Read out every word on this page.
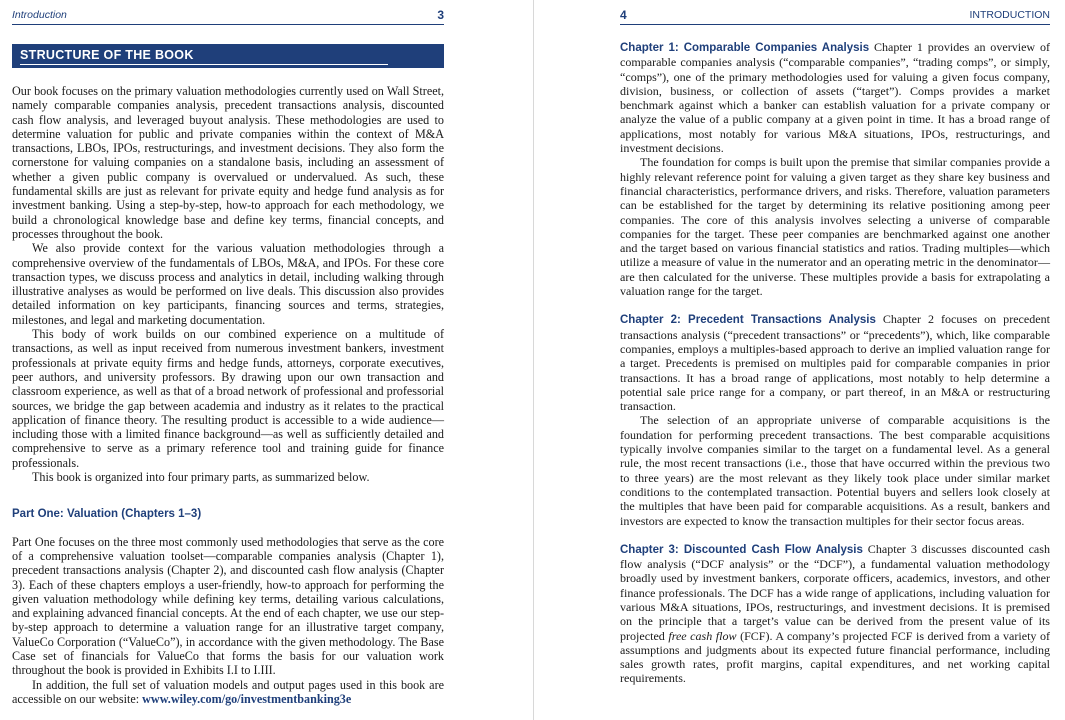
Introduction	3
STRUCTURE OF THE BOOK

Our book focuses on the primary valuation methodologies currently used on Wall Street, namely comparable companies analysis, precedent transactions analysis, discounted cash flow analysis, and leveraged buyout analysis. These methodologies are used to determine valuation for public and private companies within the context of M&A transactions, LBOs, IPOs, restructurings, and investment decisions. They also form the cornerstone for valuing companies on a standalone basis, including an assessment of whether a given public company is overvalued or undervalued. As such, these fundamental skills are just as relevant for private equity and hedge fund analysis as for investment banking. Using a step-by-step, how-to approach for each methodology, we build a chronological knowledge base and define key terms, financial concepts, and processes throughout the book.

We also provide context for the various valuation methodologies through a comprehensive overview of the fundamentals of LBOs, M&A, and IPOs. For these core transaction types, we discuss process and analytics in detail, including walking through illustrative analyses as would be performed on live deals. This discussion also provides detailed information on key participants, financing sources and terms, strategies, milestones, and legal and marketing documentation.

This body of work builds on our combined experience on a multitude of transactions, as well as input received from numerous investment bankers, investment professionals at private equity firms and hedge funds, attorneys, corporate executives, peer authors, and university professors. By drawing upon our own transaction and classroom experience, as well as that of a broad network of professional and professorial sources, we bridge the gap between academia and industry as it relates to the practical application of finance theory. The resulting product is accessible to a wide audience—including those with a limited finance background—as well as sufficiently detailed and comprehensive to serve as a primary reference tool and training guide for finance professionals.

This book is organized into four primary parts, as summarized below.

Part One: Valuation (Chapters 1–3)

Part One focuses on the three most commonly used methodologies that serve as the core of a comprehensive valuation toolset—comparable companies analysis (Chapter 1), precedent transactions analysis (Chapter 2), and discounted cash flow analysis (Chapter 3). Each of these chapters employs a user-friendly, how-to approach for performing the given valuation methodology while defining key terms, detailing various calculations, and explaining advanced financial concepts. At the end of each chapter, we use our step-by-step approach to determine a valuation range for an illustrative target company, ValueCo Corporation (“ValueCo”), in accordance with the given methodology. The Base Case set of financials for ValueCo that forms the basis for our valuation work throughout the book is provided in Exhibits I.I to I.III.

In addition, the full set of valuation models and output pages used in this book are accessible on our website: www.wiley.com/go/investmentbanking3e

4	INTRODUCTION

Chapter 1: Comparable Companies Analysis Chapter 1 provides an overview of comparable companies analysis (“comparable companies”, “trading comps”, or simply, “comps”), one of the primary methodologies used for valuing a given focus company, division, business, or collection of assets (“target”). Comps provides a market benchmark against which a banker can establish valuation for a private company or analyze the value of a public company at a given point in time. It has a broad range of applications, most notably for various M&A situations, IPOs, restructurings, and investment decisions.

The foundation for comps is built upon the premise that similar companies provide a highly relevant reference point for valuing a given target as they share key business and financial characteristics, performance drivers, and risks. Therefore, valuation parameters can be established for the target by determining its relative positioning among peer companies. The core of this analysis involves selecting a universe of comparable companies for the target. These peer companies are benchmarked against one another and the target based on various financial statistics and ratios. Trading multiples—which utilize a measure of value in the numerator and an operating metric in the denominator—are then calculated for the universe. These multiples provide a basis for extrapolating a valuation range for the target.

Chapter 2: Precedent Transactions Analysis Chapter 2 focuses on precedent transactions analysis (“precedent transactions” or “precedents”), which, like comparable companies, employs a multiples-based approach to derive an implied valuation range for a target. Precedents is premised on multiples paid for comparable companies in prior transactions. It has a broad range of applications, most notably to help determine a potential sale price range for a company, or part thereof, in an M&A or restructuring transaction.

The selection of an appropriate universe of comparable acquisitions is the foundation for performing precedent transactions. The best comparable acquisitions typically involve companies similar to the target on a fundamental level. As a general rule, the most recent transactions (i.e., those that have occurred within the previous two to three years) are the most relevant as they likely took place under similar market conditions to the contemplated transaction. Potential buyers and sellers look closely at the multiples that have been paid for comparable acquisitions. As a result, bankers and investors are expected to know the transaction multiples for their sector focus areas.

Chapter 3: Discounted Cash Flow Analysis Chapter 3 discusses discounted cash flow analysis (“DCF analysis” or the “DCF”), a fundamental valuation methodology broadly used by investment bankers, corporate officers, academics, investors, and other finance professionals. The DCF has a wide range of applications, including valuation for various M&A situations, IPOs, restructurings, and investment decisions. It is premised on the principle that a target’s value can be derived from the present value of its projected free cash flow (FCF). A company’s projected FCF is derived from a variety of assumptions and judgments about its expected future financial performance, including sales growth rates, profit margins, capital expenditures, and net working capital requirements.
